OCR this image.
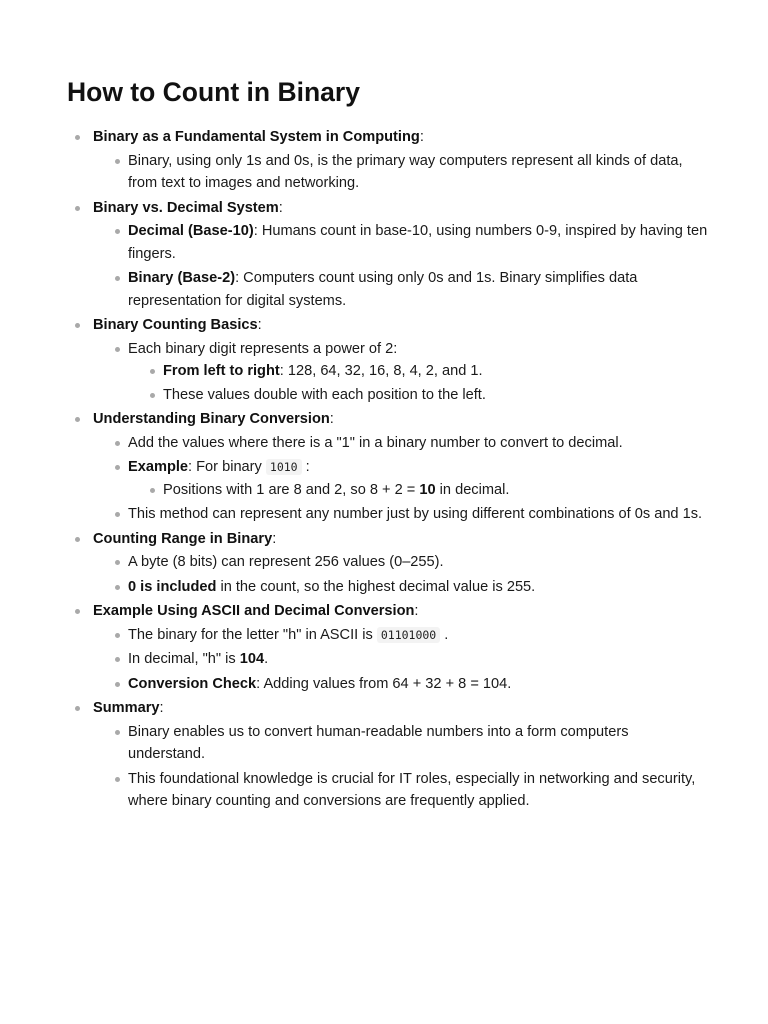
How to Count in Binary
Binary as a Fundamental System in Computing:
Binary, using only 1s and 0s, is the primary way computers represent all kinds of data, from text to images and networking.
Binary vs. Decimal System:
Decimal (Base-10): Humans count in base-10, using numbers 0-9, inspired by having ten fingers.
Binary (Base-2): Computers count using only 0s and 1s. Binary simplifies data representation for digital systems.
Binary Counting Basics:
Each binary digit represents a power of 2:
From left to right: 128, 64, 32, 16, 8, 4, 2, and 1.
These values double with each position to the left.
Understanding Binary Conversion:
Add the values where there is a "1" in a binary number to convert to decimal.
Example: For binary 1010 :
Positions with 1 are 8 and 2, so 8 + 2 = 10 in decimal.
This method can represent any number just by using different combinations of 0s and 1s.
Counting Range in Binary:
A byte (8 bits) can represent 256 values (0–255).
0 is included in the count, so the highest decimal value is 255.
Example Using ASCII and Decimal Conversion:
The binary for the letter "h" in ASCII is 01101000 .
In decimal, "h" is 104.
Conversion Check: Adding values from 64 + 32 + 8 = 104.
Summary:
Binary enables us to convert human-readable numbers into a form computers understand.
This foundational knowledge is crucial for IT roles, especially in networking and security, where binary counting and conversions are frequently applied.
